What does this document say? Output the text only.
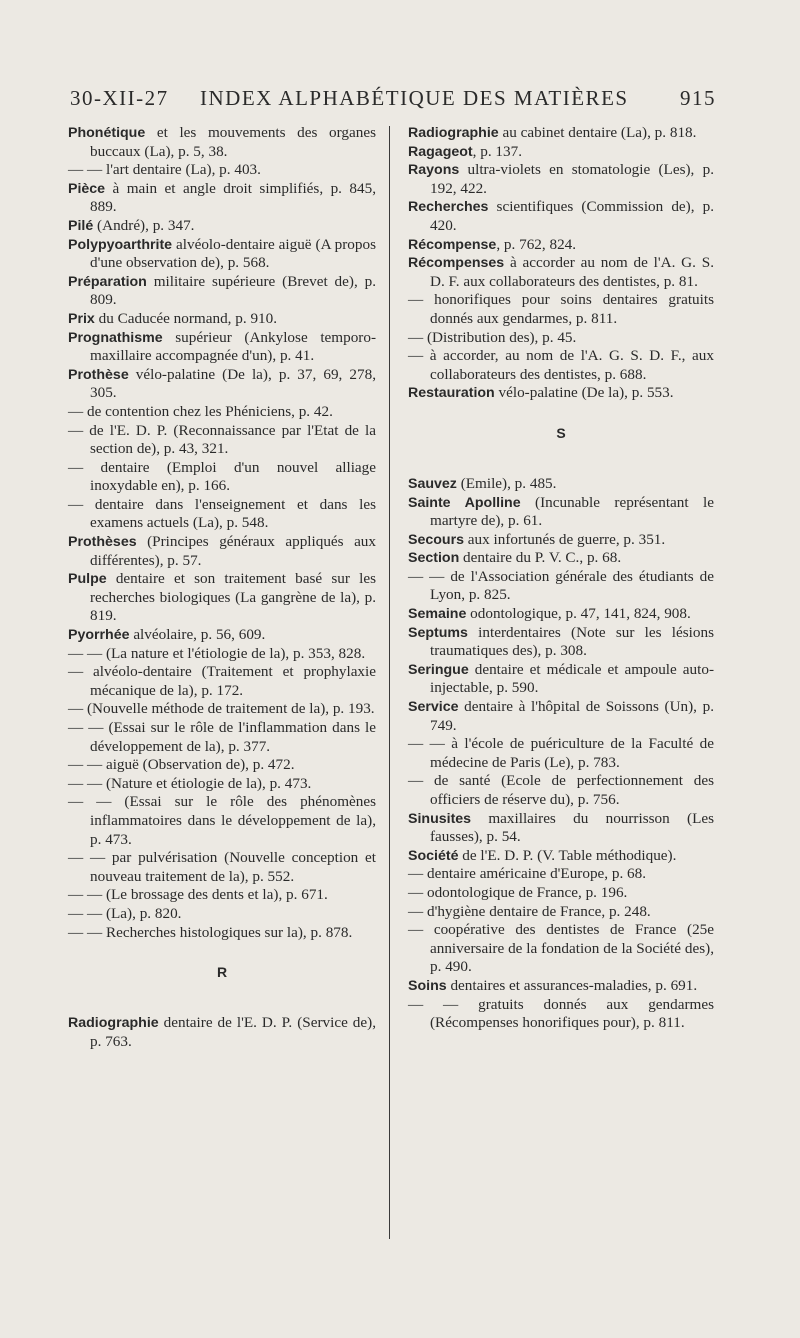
30-XII-27 INDEX ALPHABÉTIQUE DES MATIÈRES 915

Phonétique et les mouvements des organes buccaux (La), p. 5, 38.

— — l'art dentaire (La), p. 403.

Pièce à main et angle droit simplifiés, p. 845, 889.

Pilé (André), p. 347.

Polypyoarthrite alvéolo-dentaire aiguë (A propos d'une observation de), p. 568.

Préparation militaire supérieure (Brevet de), p. 809.

Prix du Caducée normand, p. 910.

Prognathisme supérieur (Ankylose temporo-maxillaire accompagnée d'un), p. 41.

Prothèse vélo-palatine (De la), p. 37, 69, 278, 305.

— de contention chez les Phéniciens, p. 42.

— de l'E. D. P. (Reconnaissance par l'Etat de la section de), p. 43, 321.

— dentaire (Emploi d'un nouvel alliage inoxydable en), p. 166.

— dentaire dans l'enseignement et dans les examens actuels (La), p. 548.

Prothèses (Principes généraux appliqués aux différentes), p. 57.

Pulpe dentaire et son traitement basé sur les recherches biologiques (La gangrène de la), p. 819.

Pyorrhée alvéolaire, p. 56, 609.

— — (La nature et l'étiologie de la), p. 353, 828.

— alvéolo-dentaire (Traitement et prophylaxie mécanique de la), p. 172.

— (Nouvelle méthode de traitement de la), p. 193.

— — (Essai sur le rôle de l'inflammation dans le développement de la), p. 377.

— — aiguë (Observation de), p. 472.

— — (Nature et étiologie de la), p. 473.

— — (Essai sur le rôle des phénomènes inflammatoires dans le développement de la), p. 473.

— — par pulvérisation (Nouvelle conception et nouveau traitement de la), p. 552.

— — (Le brossage des dents et la), p. 671.

— — (La), p. 820.

— — Recherches histologiques sur la), p. 878.

R

Radiographie dentaire de l'E. D. P. (Service de), p. 763.

Radiographie au cabinet dentaire (La), p. 818.

Ragageot, p. 137.

Rayons ultra-violets en stomatologie (Les), p. 192, 422.

Recherches scientifiques (Commission de), p. 420.

Récompense, p. 762, 824.

Récompenses à accorder au nom de l'A. G. S. D. F. aux collaborateurs des dentistes, p. 81.

— honorifiques pour soins dentaires gratuits donnés aux gendarmes, p. 811.

— (Distribution des), p. 45.

— à accorder, au nom de l'A. G. S. D. F., aux collaborateurs des dentistes, p. 688.

Restauration vélo-palatine (De la), p. 553.

S

Sauvez (Emile), p. 485.

Sainte Apolline (Incunable représentant le martyre de), p. 61.

Secours aux infortunés de guerre, p. 351.

Section dentaire du P. V. C., p. 68.

— — de l'Association générale des étudiants de Lyon, p. 825.

Semaine odontologique, p. 47, 141, 824, 908.

Septums interdentaires (Note sur les lésions traumatiques des), p. 308.

Seringue dentaire et médicale et ampoule auto-injectable, p. 590.

Service dentaire à l'hôpital de Soissons (Un), p. 749.

— — à l'école de puériculture de la Faculté de médecine de Paris (Le), p. 783.

— de santé (Ecole de perfectionnement des officiers de réserve du), p. 756.

Sinusites maxillaires du nourrisson (Les fausses), p. 54.

Société de l'E. D. P. (V. Table méthodique).

— dentaire américaine d'Europe, p. 68.

— odontologique de France, p. 196.

— d'hygiène dentaire de France, p. 248.

— coopérative des dentistes de France (25e anniversaire de la fondation de la Société des), p. 490.

Soins dentaires et assurances-maladies, p. 691.

— — gratuits donnés aux gendarmes (Récompenses honorifiques pour), p. 811.
